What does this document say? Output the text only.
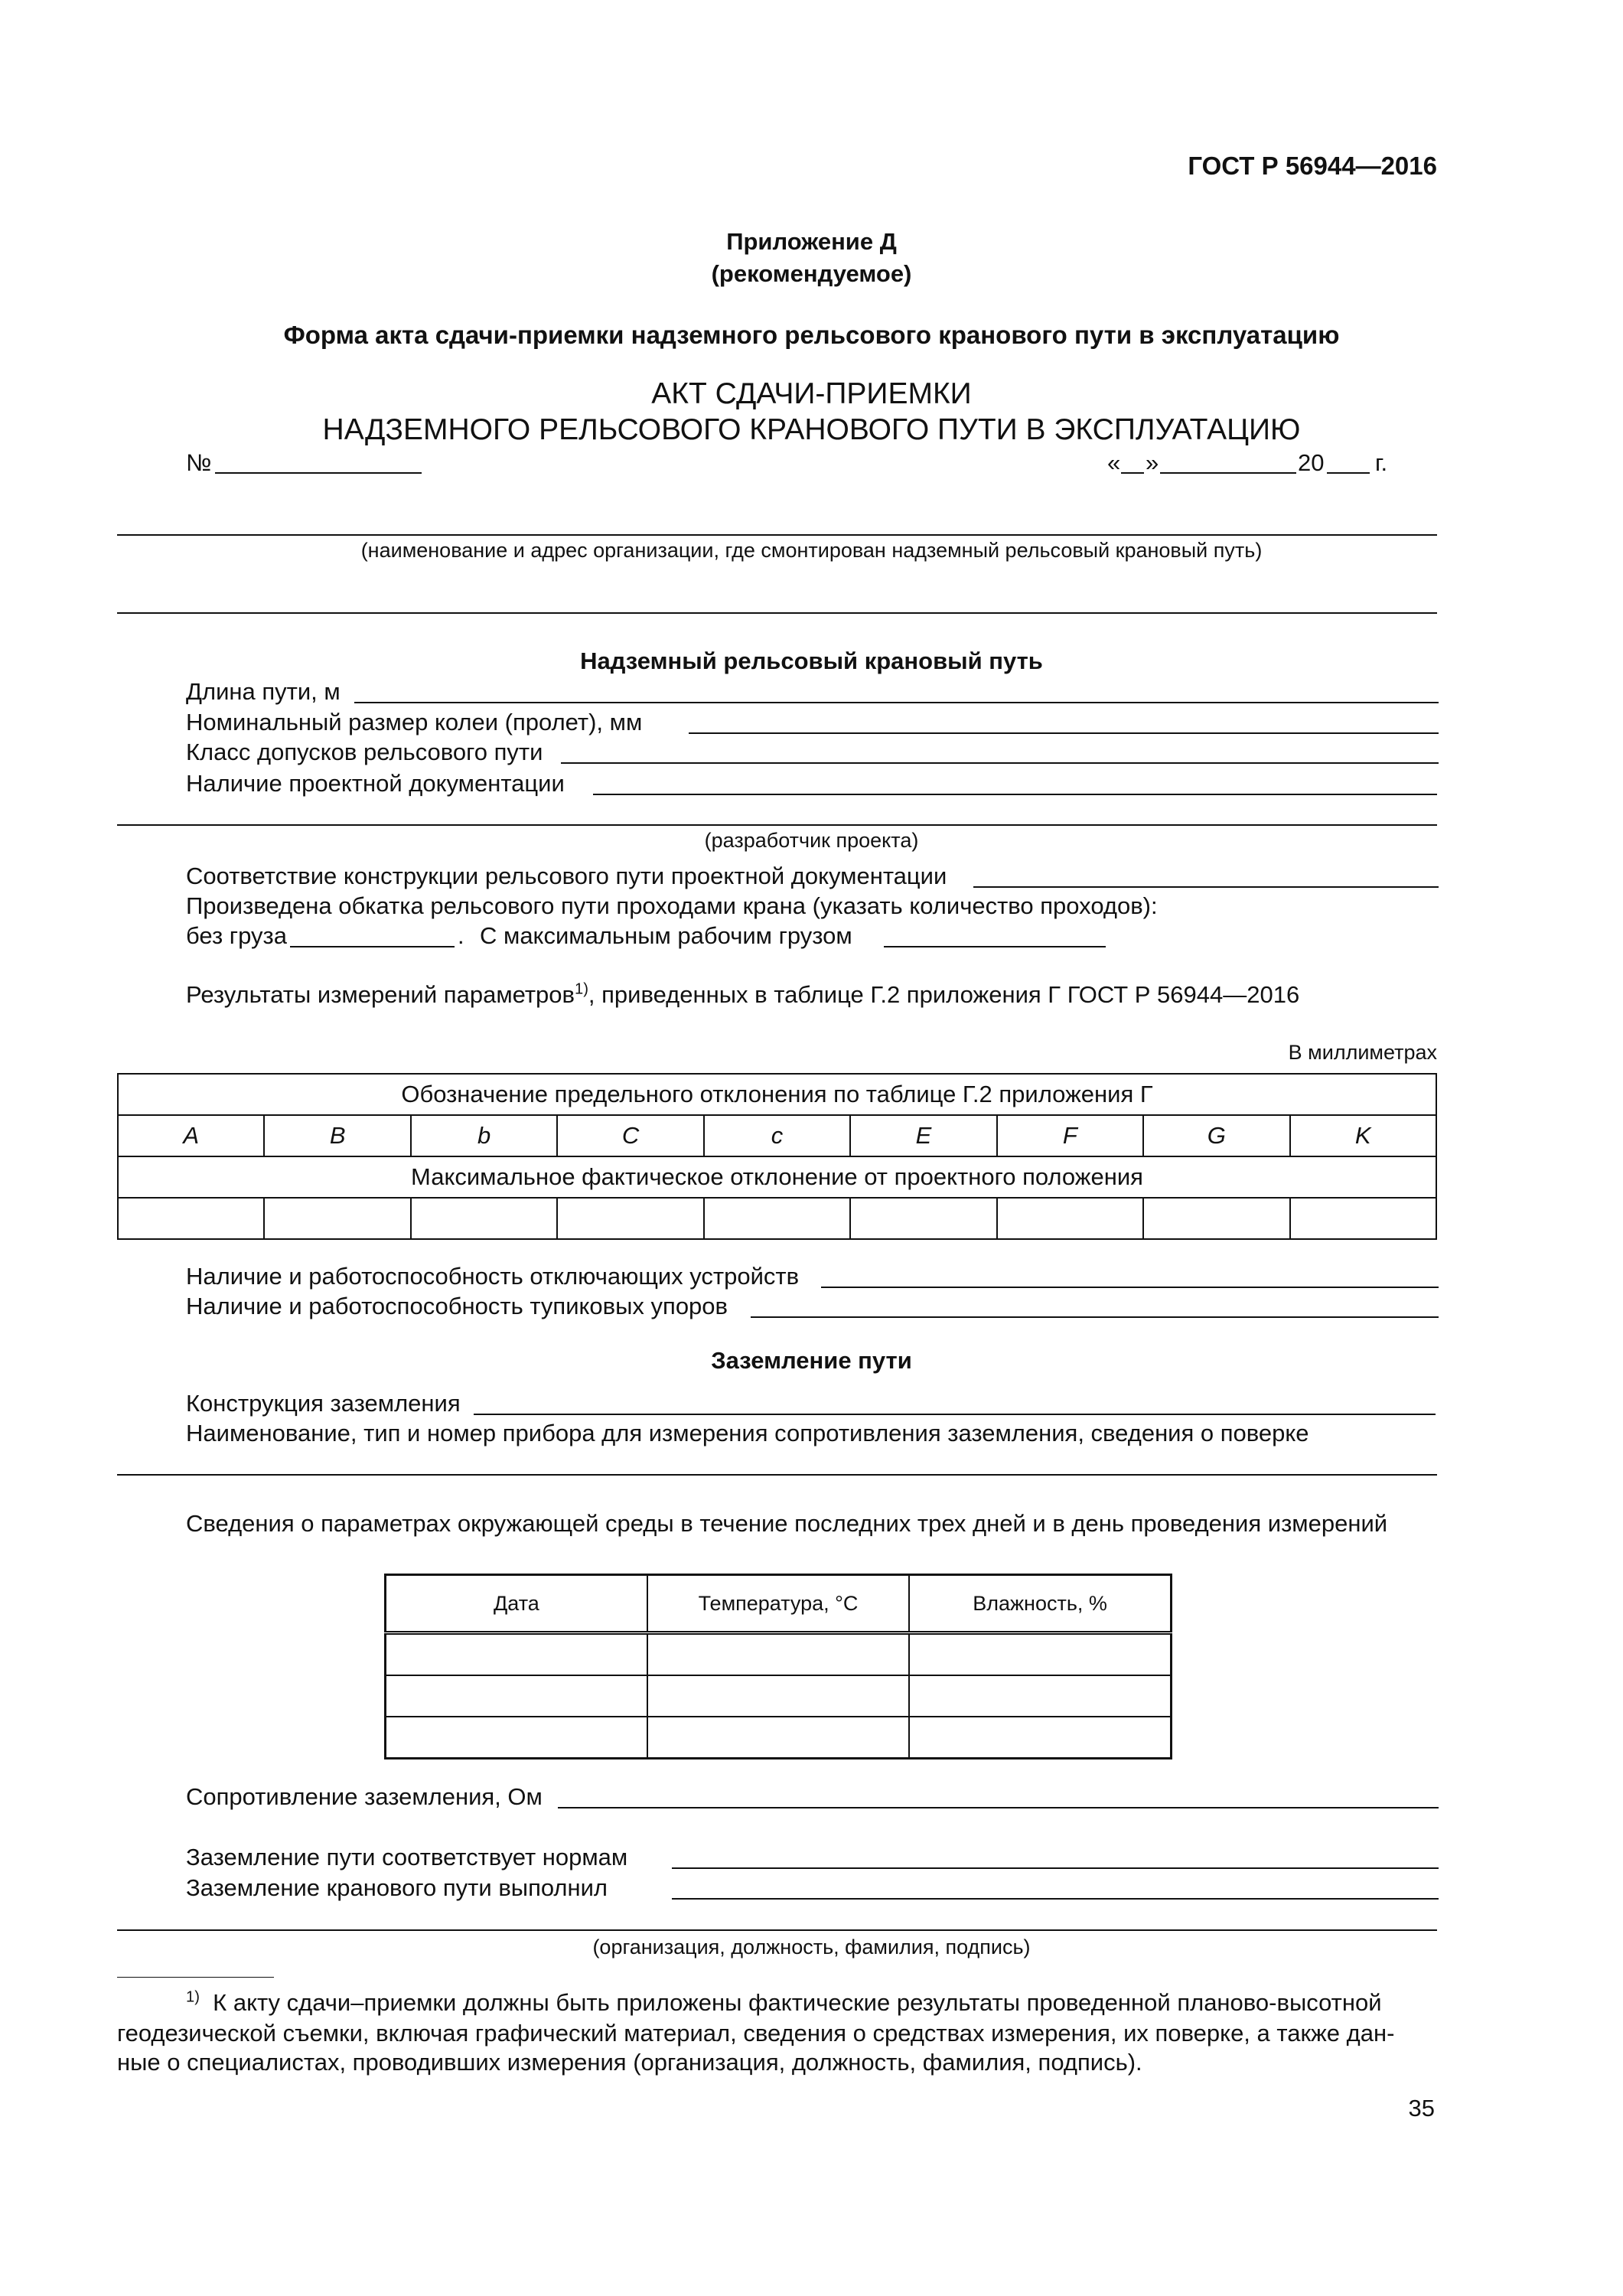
ГОСТ Р 56944—2016
Приложение Д
(рекомендуемое)
Форма акта сдачи-приемки надземного рельсового кранового пути в эксплуатацию
АКТ СДАЧИ-ПРИЕМКИ
НАДЗЕМНОГО РЕЛЬСОВОГО КРАНОВОГО ПУТИ В ЭКСПЛУАТАЦИЮ
№	« »	20 г.
(наименование и адрес организации, где смонтирован надземный рельсовый крановый путь)
Надземный рельсовый крановый путь
Длина пути, м
Номинальный размер колеи (пролет), мм
Класс допусков рельсового пути
Наличие проектной документации
(разработчик проекта)
Соответствие конструкции рельсового пути проектной документации
Произведена обкатка рельсового пути проходами крана (указать количество проходов):
без груза	. С максимальным рабочим грузом
Результаты измерений параметров$^{1)}$, приведенных в таблице Г.2 приложения Г ГОСТ Р 56944—2016
В миллиметрах
Обозначение предельного отклонения по таблице Г.2 приложения Г								
A	B	b	C	c	E	F	G	K
Максимальное фактическое отклонение от проектного положения								

Наличие и работоспособность отключающих устройств
Наличие и работоспособность тупиковых упоров
Заземление пути
Конструкция заземления
Наименование, тип и номер прибора для измерения сопротивления заземления, сведения о поверке
Сведения о параметрах окружающей среды в течение последних трех дней и в день проведения измерений
Дата	Температура, °С	Влажность, %

Сопротивление заземления, Ом
Заземление пути соответствует нормам
Заземление кранового пути выполнил
(организация, должность, фамилия, подпись)
$^{1)}$ К акту сдачи–приемки должны быть приложены фактические результаты проведенной планово-высотной
геодезической съемки, включая графический материал, сведения о средствах измерения, их поверке, а также дан-
ные о специалистах, проводивших измерения (организация, должность, фамилия, подпись).
35
